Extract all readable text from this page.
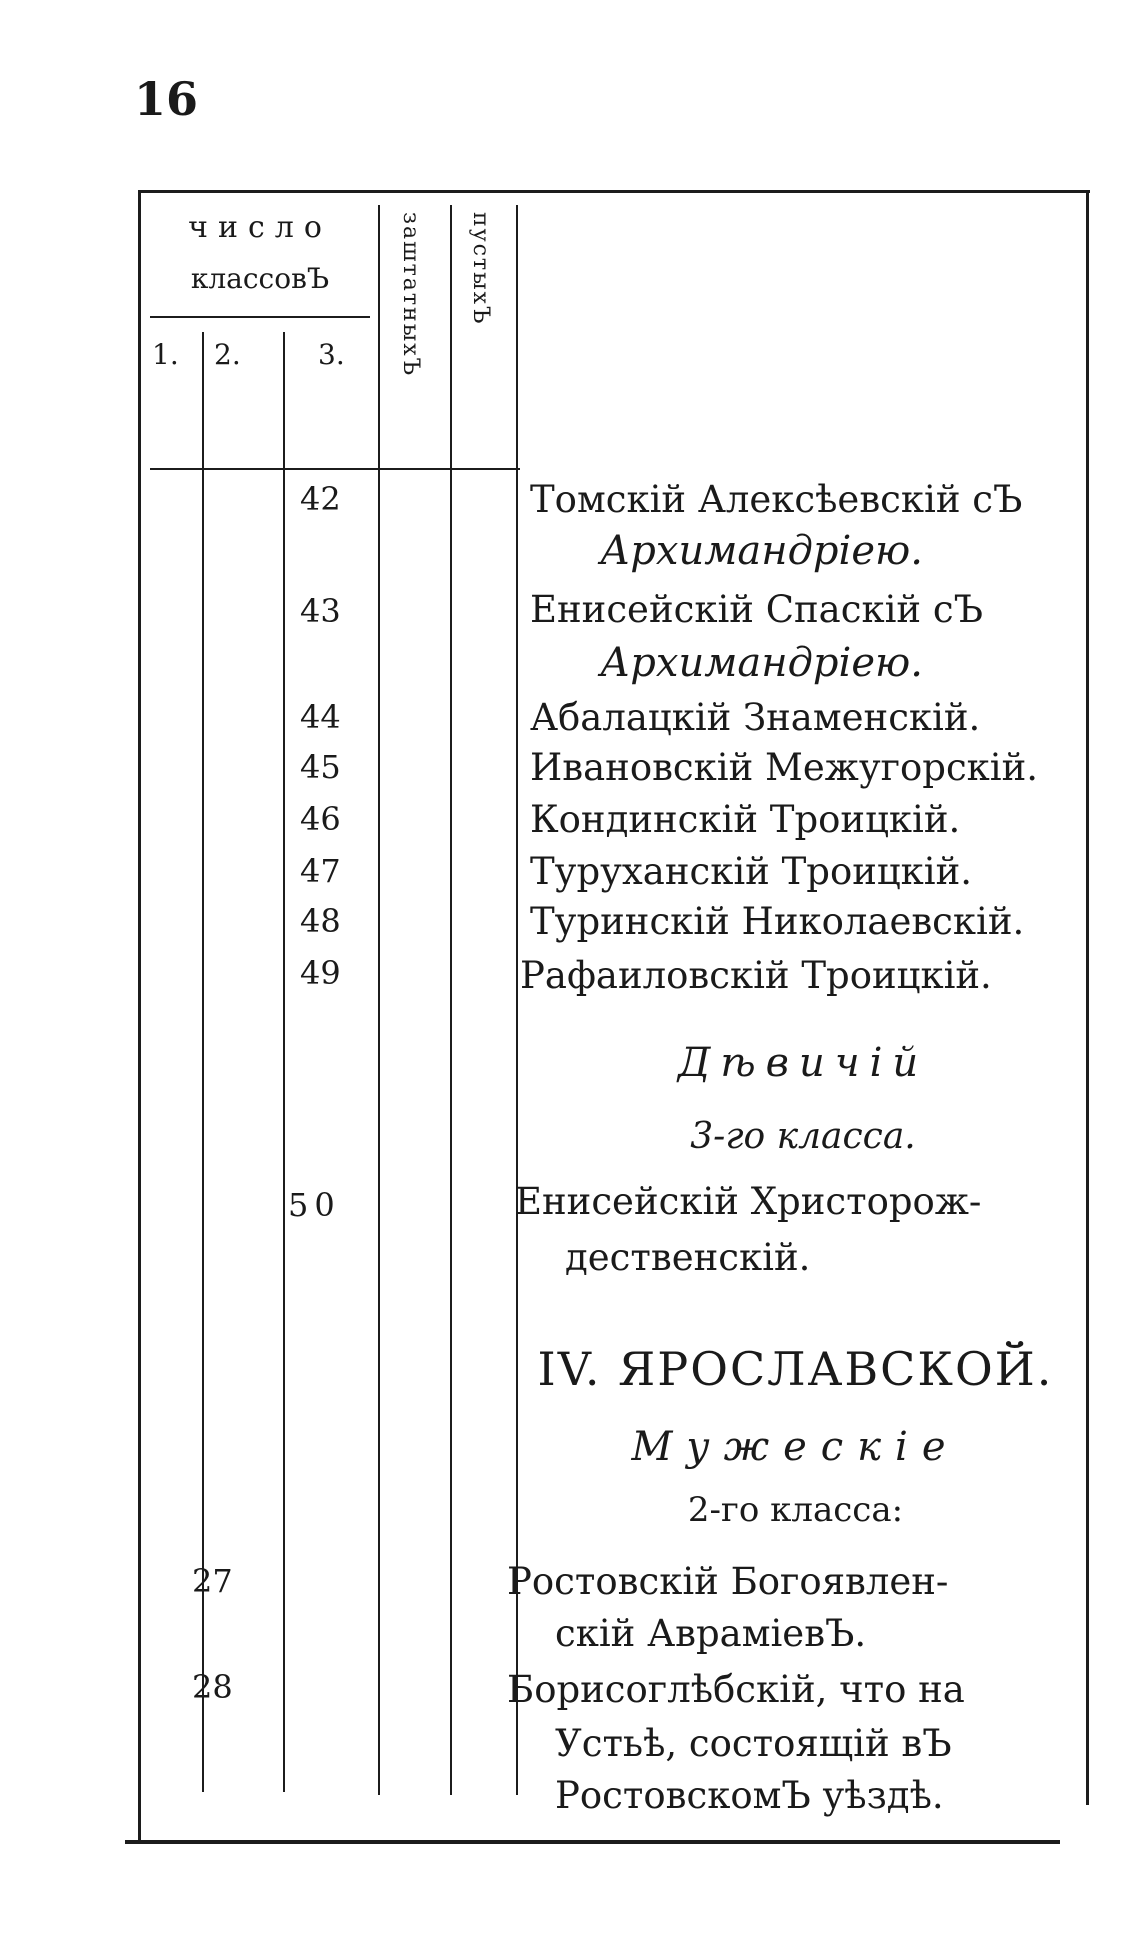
16
число
классовЪ
1. 2.	3. заштатныхЪ пустыхЪ
42	Томскій Алексѣевскій сЪ
Архимандріею.
43	Енисейскій Спаскій сЪ
Архимандріею.
44	Абалацкій Знаменскій.
45	Ивановскій Межугорскій.
46	Кондинскій Троицкій.
47	Туруханскій Троицкій.
48	Туринскій Николаевскій.
49	Рафаиловскій Троицкій.
Дѣвичій
3-го класса.
50	Енисейскій Христорож-
дественскій.
IV. ЯРОСЛАВСКОЙ.
Мужескіе
2-го класса:
27	Ростовскій Богоявлен-
скій АвраміевЪ.
28	Борисоглѣбскій, что на
Устьѣ, состоящій вЪ
РостовскомЪ уѣздѣ.
